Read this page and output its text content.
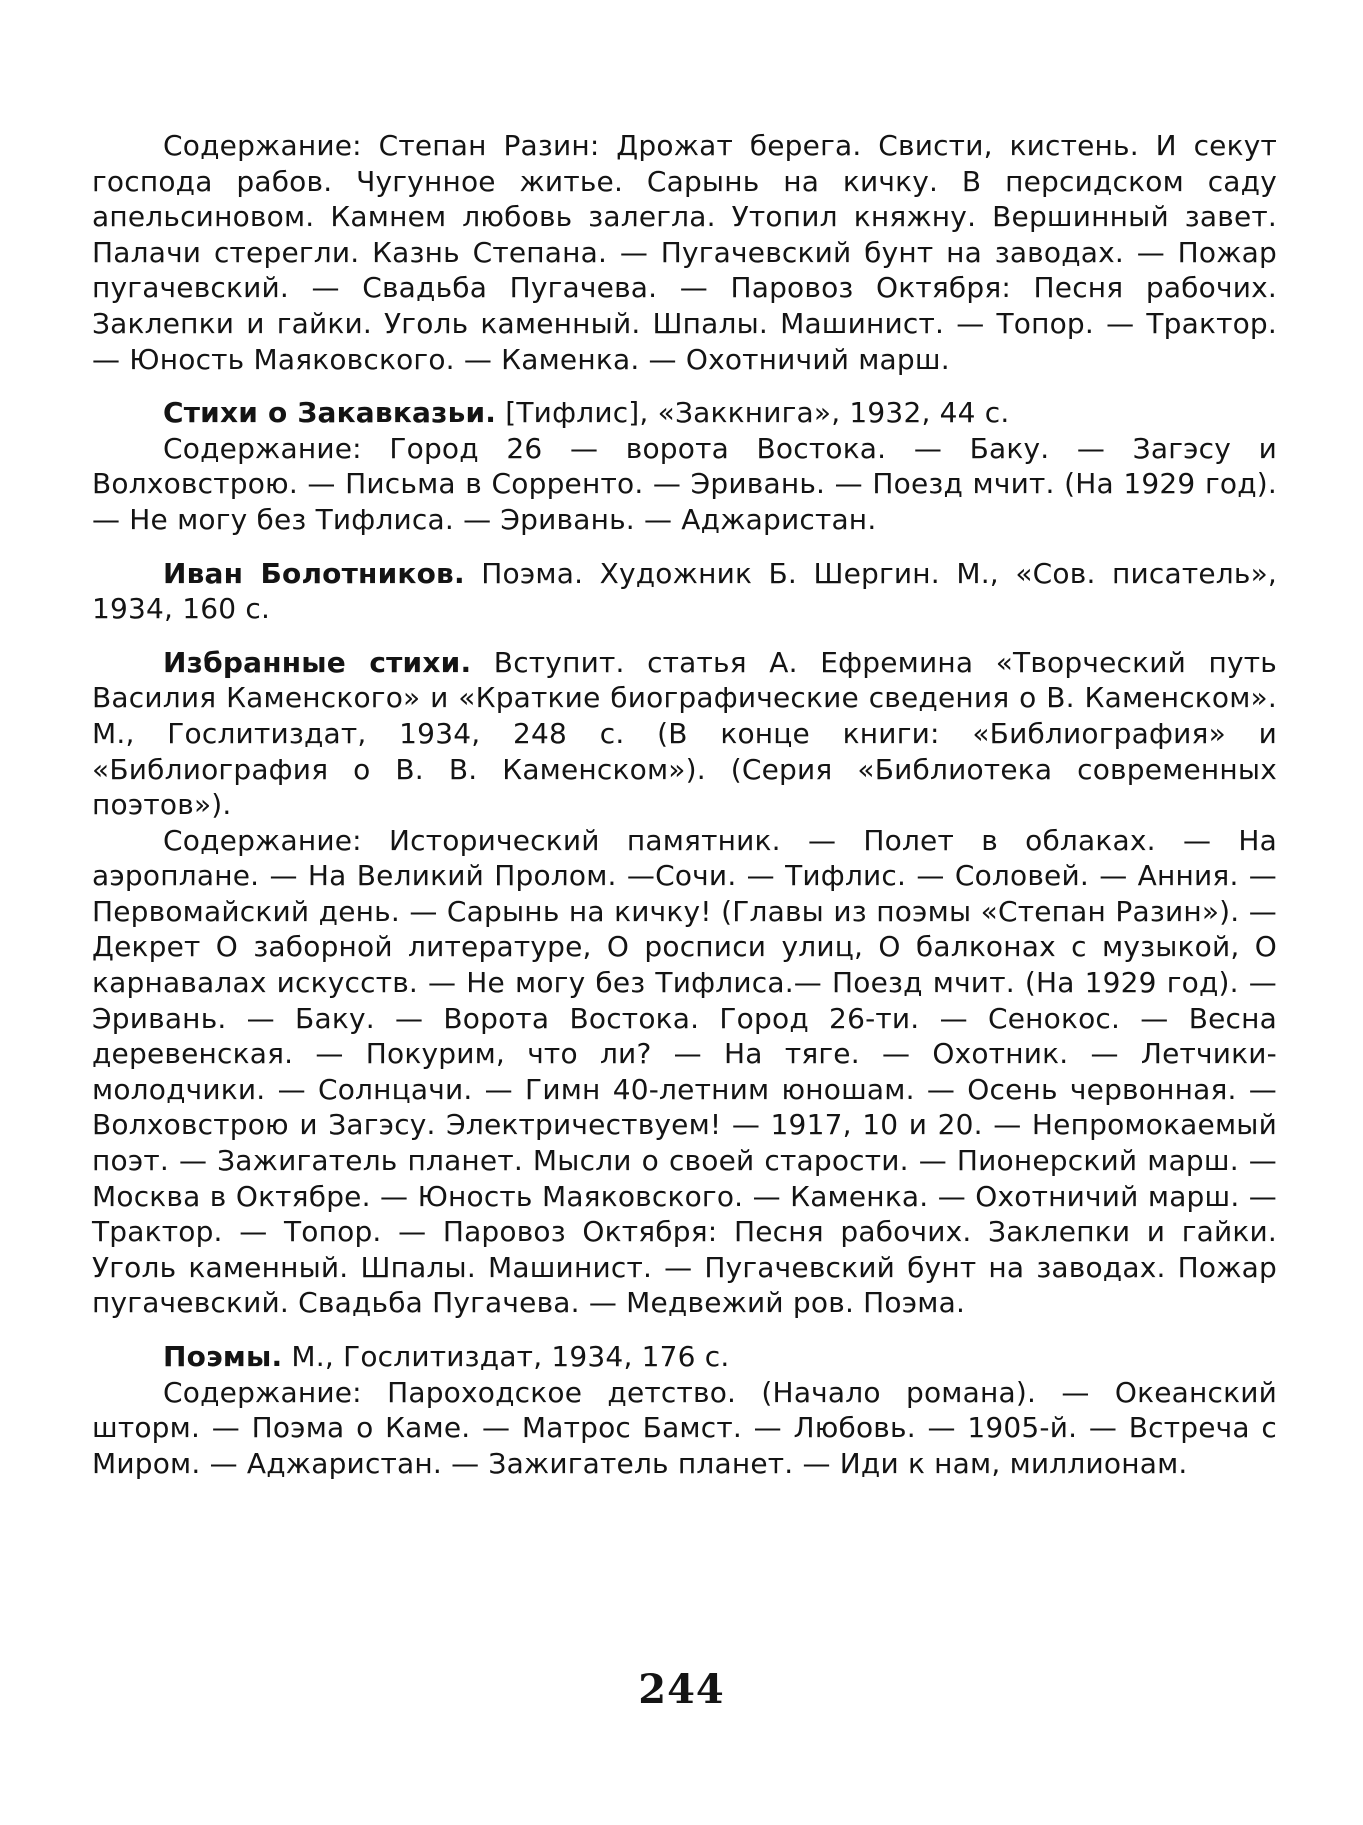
Содержание: Степан Разин: Дрожат берега. Свисти, кистень. И секут господа рабов. Чугунное житье. Сарынь на кичку. В персидском саду апельсиновом. Камнем любовь залегла. Утопил княжну. Вершинный завет. Палачи стерегли. Казнь Степана. — Пугачевский бунт на заводах. — Пожар пугачевский. — Свадьба Пугачева. — Паровоз Октября: Песня рабочих. Заклепки и гайки. Уголь каменный. Шпалы. Машинист. — Топор. — Трактор. — Юность Маяковского. — Каменка. — Охотничий марш.

Стихи о Закавказьи. [Тифлис], «Заккнига», 1932, 44 с.

Содержание: Город 26 — ворота Востока. — Баку. — Загэсу и Волховстрою. — Письма в Сорренто. — Эривань. — Поезд мчит. (На 1929 год). — Не могу без Тифлиса. — Эривань. — Аджаристан.

Иван Болотников. Поэма. Художник Б. Шергин. М., «Сов. писатель», 1934, 160 с.

Избранные стихи. Вступит. статья А. Ефремина «Творческий путь Василия Каменского» и «Краткие биографические сведения о В. Каменском». М., Гослитиздат, 1934, 248 с. (В конце книги: «Библиография» и «Библиография о В. В. Каменском»). (Серия «Библиотека современных поэтов»).

Содержание: Исторический памятник. — Полет в облаках. — На аэроплане. — На Великий Пролом. —Сочи. — Тифлис. — Соловей. — Анния. — Первомайский день. — Сарынь на кичку! (Главы из поэмы «Степан Разин»). — Декрет О заборной литературе, О росписи улиц, О балконах с музыкой, О карнавалах искусств. — Не могу без Тифлиса.— Поезд мчит. (На 1929 год). — Эривань. — Баку. — Ворота Востока. Город 26-ти. — Сенокос. — Весна деревенская. — Покурим, что ли? — На тяге. — Охотник. — Летчики-молодчики. — Солнцачи. — Гимн 40-летним юношам. — Осень червонная. — Волховстрою и Загэсу. Электричествуем! — 1917, 10 и 20. — Непромокаемый поэт. — Зажигатель планет. Мысли о своей старости. — Пионерский марш. — Москва в Октябре. — Юность Маяковского. — Каменка. — Охотничий марш. — Трактор. — Топор. — Паровоз Октября: Песня рабочих. Заклепки и гайки. Уголь каменный. Шпалы. Машинист. — Пугачевский бунт на заводах. Пожар пугачевский. Свадьба Пугачева. — Медвежий ров. Поэма.

Поэмы. М., Гослитиздат, 1934, 176 с.

Содержание: Пароходское детство. (Начало романа). — Океанский шторм. — Поэма о Каме. — Матрос Бамст. — Любовь. — 1905-й. — Встреча с Миром. — Аджаристан. — Зажигатель планет. — Иди к нам, миллионам.

244
